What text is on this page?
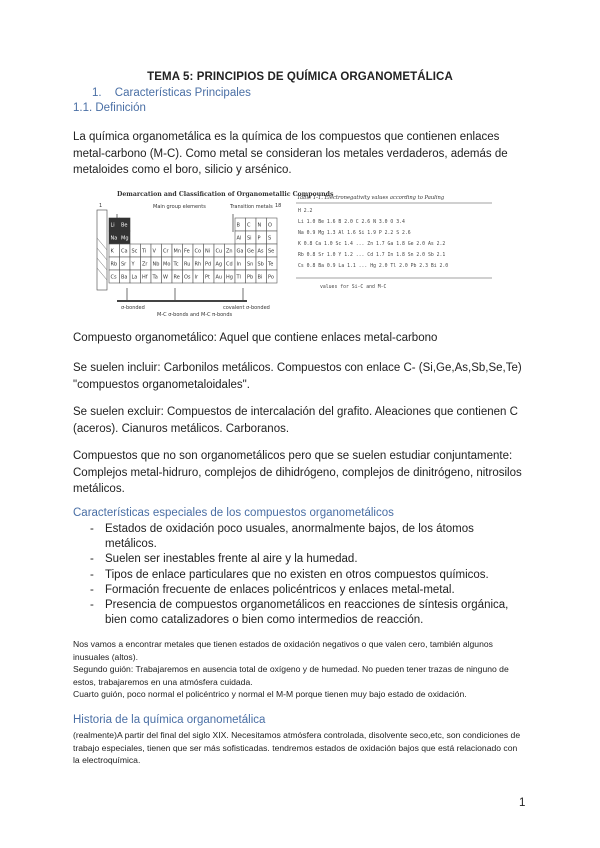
TEMA 5: PRINCIPIOS DE QUÍMICA ORGANOMETÁLICA
1. Características Principales
1.1. Definición
La química organometálica es la química de los compuestos que contienen enlaces metal-carbono (M-C). Como metal se consideran los metales verdaderos, además de metaloides como el boro, silicio y arsénico.
Demarcation and Classification of Organometallic Compounds
1	18
Main group elements	Transition metals
Li Be	B C N O
Na Mg	Al Si P S
K Ca Sc Ti V Cr Mn Fe Co Ni Cu Zn Ga Ge As Se
Rb Sr Y Zr Nb Mo Tc Ru Rh Pd Ag Cd In Sn Sb Te
Cs Ba La Hf Ta W Re Os Ir Pt Au Hg Tl Pb Bi Po
σ-bonded
M-C σ-bonds and M-C π-bonds
covalent σ-bonded
Table 1-1. Electronegativity values according to Pauling
H 2.2
Li 1.0 Be 1.6 B 2.0 C 2.6 N 3.0 O 3.4
Na 0.9 Mg 1.3 Al 1.6 Si 1.9 P 2.2 S 2.6
K 0.8 Ca 1.0 Sc 1.4 ... Zn 1.7 Ga 1.8 Ge 2.0 As 2.2
Rb 0.8 Sr 1.0 Y 1.2 ... Cd 1.7 In 1.8 Sn 2.0 Sb 2.1
Cs 0.8 Ba 0.9 La 1.1 ... Hg 2.0 Tl 2.0 Pb 2.3 Bi 2.0
values for Si-C and M-C
Compuesto organometálico: Aquel que contiene enlaces metal-carbono
Se suelen incluir: Carbonilos metálicos. Compuestos con enlace C- (Si,Ge,As,Sb,Se,Te) "compuestos organometaloidales".
Se suelen excluir: Compuestos de intercalación del grafito. Aleaciones que contienen C (aceros). Cianuros metálicos. Carboranos.
Compuestos que no son organometálicos pero que se suelen estudiar conjuntamente: Complejos metal-hidruro, complejos de dihidrógeno, complejos de dinitrógeno, nitrosilos metálicos.
Características especiales de los compuestos organometálicos
- Estados de oxidación poco usuales, anormalmente bajos, de los átomos metálicos.
- Suelen ser inestables frente al aire y la humedad.
- Tipos de enlace particulares que no existen en otros compuestos químicos.
- Formación frecuente de enlaces policéntricos y enlaces metal-metal.
- Presencia de compuestos organometálicos en reacciones de síntesis orgánica, bien como catalizadores o bien como intermedios de reacción.
Nos vamos a encontrar metales que tienen estados de oxidación negativos o que valen cero, también algunos inusuales (altos).
Segundo guión: Trabajaremos en ausencia total de oxígeno y de humedad. No pueden tener trazas de ninguno de estos, trabajaremos en una atmósfera cuidada.
Cuarto guión, poco normal el policéntrico y normal el M-M porque tienen muy bajo estado de oxidación.
Historia de la química organometálica
(realmente)A partir del final del siglo XIX. Necesitamos atmósfera controlada, disolvente seco,etc, son condiciones de trabajo especiales, tienen que ser más sofisticadas. tendremos estados de oxidación bajos que está relacionado con la electroquímica.
1
